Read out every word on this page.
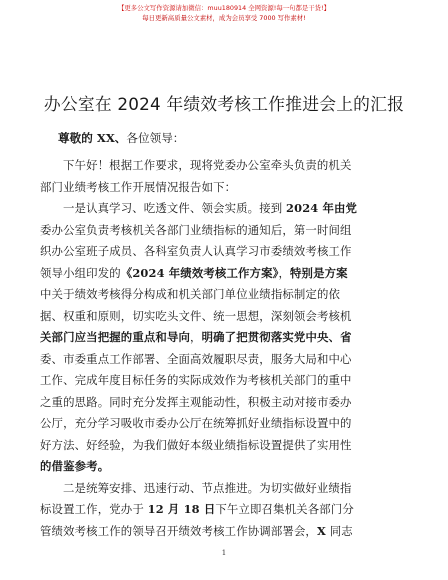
【更多公文写作资源请加微信：muu180914 全网资源!每一句都是干货!】
每日更新高质量公文素材，成为会员享受 7000 写作素材!
办公室在 2024 年绩效考核工作推进会上的汇报
尊敬的 XX、各位领导：
下午好！根据工作要求，现将党委办公室牵头负责的机关
部门业绩考核工作开展情况报告如下：
一是认真学习、吃透文件、领会实质。接到 2024 年由党
委办公室负责考核机关各部门业绩指标的通知后，第一时间组
织办公室班子成员、各科室负责人认真学习市委绩效考核工作
领导小组印发的《2024 年绩效考核工作方案》，特别是方案
中关于绩效考核得分构成和机关部门单位业绩指标制定的依
据、权重和原则，切实吃头文件、统一思想，深刻领会考核机
关部门应当把握的重点和导向，明确了把贯彻落实党中央、省
委、市委重点工作部署、全面高效履职尽责，服务大局和中心
工作、完成年度目标任务的实际成效作为考核机关部门的重中
之重的思路。同时充分发挥主观能动性，积极主动对接市委办
公厅，充分学习吸收市委办公厅在统筹抓好业绩指标设置中的
好方法、好经验，为我们做好本级业绩指标设置提供了实用性
的借鉴参考。
二是统筹安排、迅速行动、节点推进。为切实做好业绩指
标设置工作，党办于 12 月 18 日下午立即召集机关各部门分
管绩效考核工作的领导召开绩效考核工作协调部署会，X 同志
1
